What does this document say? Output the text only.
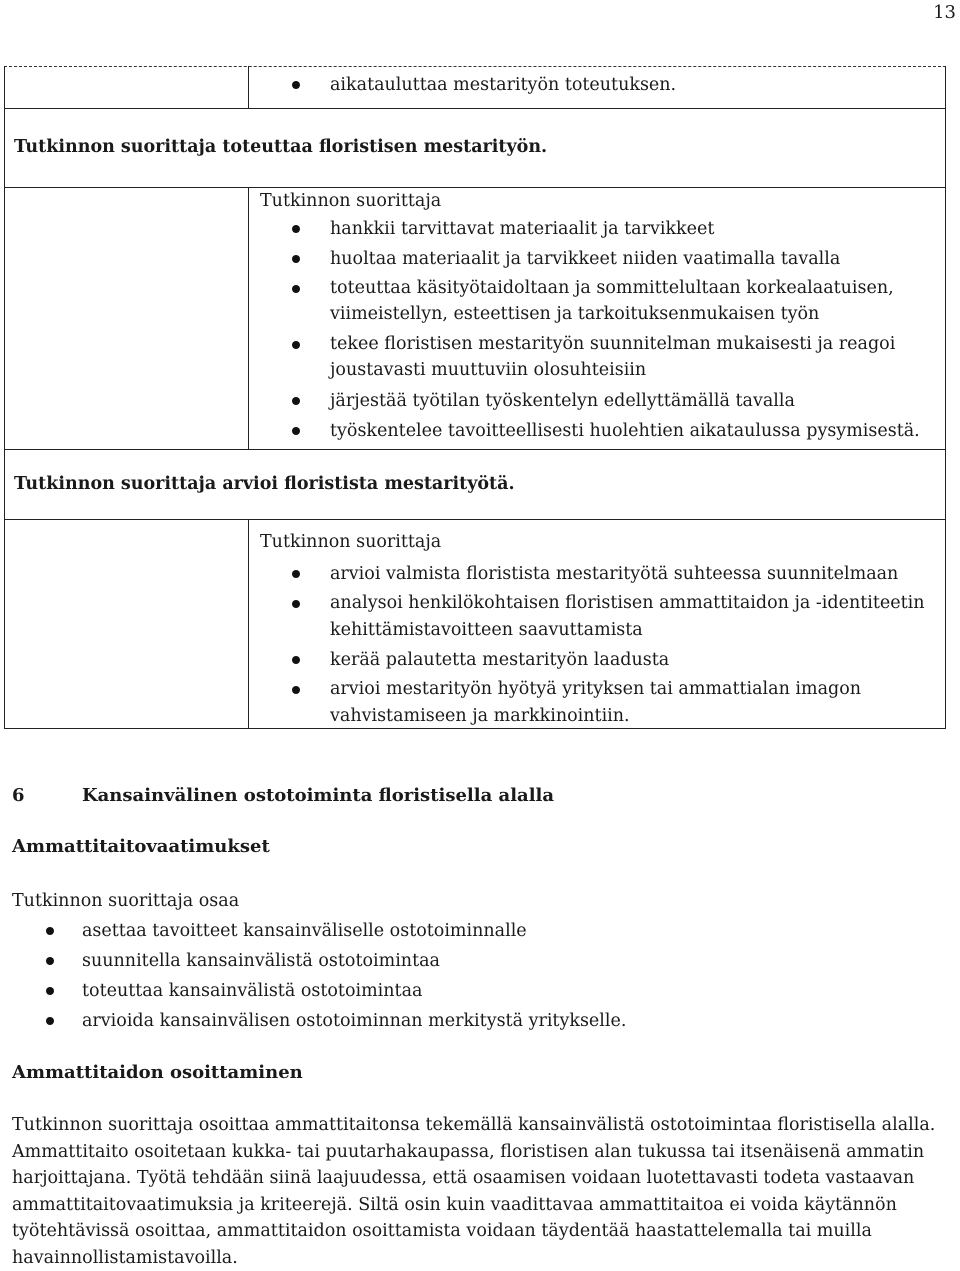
13
aikatauluttaa mestarityön toteutuksen.
Tutkinnon suorittaja toteuttaa floristisen mestarityön.
Tutkinnon suorittaja
hankkii tarvittavat materiaalit ja tarvikkeet
huoltaa materiaalit ja tarvikkeet niiden vaatimalla tavalla
toteuttaa käsityötaidoltaan ja sommittelultaan korkealaatuisen, viimeistellyn, esteettisen ja tarkoituksenmukaisen työn
tekee floristisen mestarityön suunnitelman mukaisesti ja reagoi joustavasti muuttuviin olosuhteisiin
järjestää työtilan työskentelyn edellyttämällä tavalla
työskentelee tavoitteellisesti huolehtien aikataulussa pysymisestä.
Tutkinnon suorittaja arvioi floristista mestarityötä.
Tutkinnon suorittaja
arvioi valmista floristista mestarityötä suhteessa suunnitelmaan
analysoi henkilökohtaisen floristisen ammattitaidon ja -identiteetin kehittämistavoitteen saavuttamista
kerää palautetta mestarityön laadusta
arvioi mestarityön hyötyä yrityksen tai ammattialan imagon vahvistamiseen ja markkinointiin.
6	Kansainvälinen ostotoiminta floristisella alalla
Ammattitaitovaatimukset
Tutkinnon suorittaja osaa
asettaa tavoitteet kansainväliselle ostotoiminnalle
suunnitella kansainvälistä ostotoimintaa
toteuttaa kansainvälistä ostotoimintaa
arvioida kansainvälisen ostotoiminnan merkitystä yritykselle.
Ammattitaidon osoittaminen
Tutkinnon suorittaja osoittaa ammattitaitonsa tekemällä kansainvälistä ostotoimintaa floristisella alalla. Ammattitaito osoitetaan kukka- tai puutarhakaupassa, floristisen alan tukussa tai itsenäisenä ammatin harjoittajana. Työtä tehdään siinä laajuudessa, että osaamisen voidaan luotettavasti todeta vastaavan ammattitaitovaatimuksia ja kriteerejä. Siltä osin kuin vaadittavaa ammattitaitoa ei voida käytännön työtehtävissä osoittaa, ammattitaidon osoittamista voidaan täydentää haastattelemalla tai muilla havainnollistamistavoilla.
